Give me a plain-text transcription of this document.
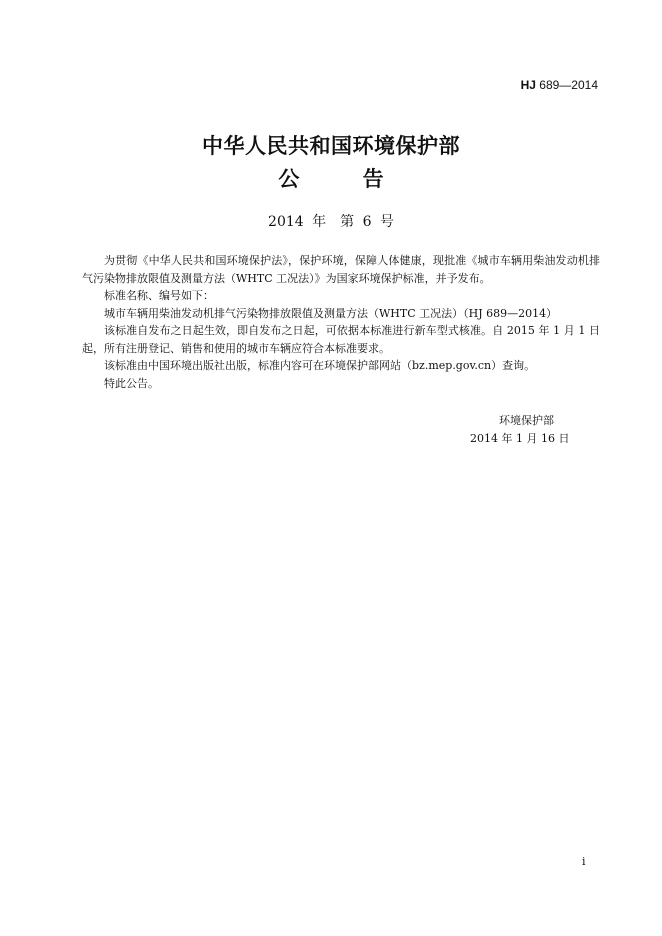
HJ 689—2014
中华人民共和国环境保护部
公 告
2014 年　第 6 号

为贯彻《中华人民共和国环境保护法》，保护环境，保障人体健康，现批准《城市车辆用柴油发动机排气污染物排放限值及测量方法（WHTC 工况法）》为国家环境保护标准，并予发布。

标准名称、编号如下：

城市车辆用柴油发动机排气污染物排放限值及测量方法（WHTC 工况法）（HJ 689—2014）

该标准自发布之日起生效，即自发布之日起，可依据本标准进行新车型式核准。自 2015 年 1 月 1 日起，所有注册登记、销售和使用的城市车辆应符合本标准要求。

该标准由中国环境出版社出版，标准内容可在环境保护部网站（bz.mep.gov.cn）查询。

特此公告。

环境保护部
2014 年 1 月 16 日
i
